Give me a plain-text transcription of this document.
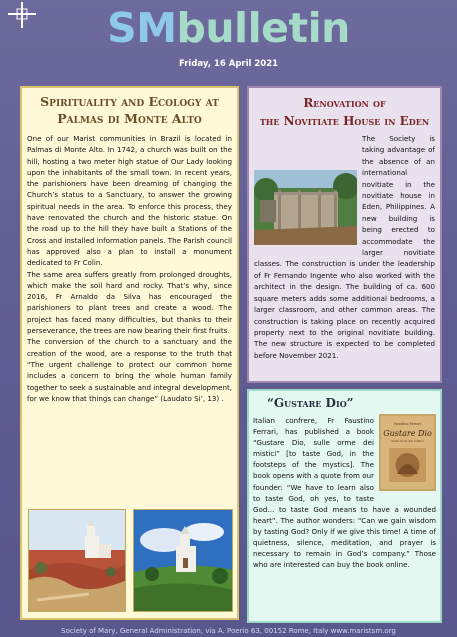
SMbulletin
Friday, 16 April 2021
Spirituality and Ecology at
Palmas di Monte Alto

One of our Marist communities in Brazil is located in Palmas di Monte Alto. In 1742, a church was built on the hill, hosting a two meter high statue of Our Lady looking upon the inhabitants of the small town. In recent years, the parishioners have been dreaming of changing the Church’s status to a Sanctuary, to answer the growing spiritual needs in the area. To enforce this process, they have renovated the church and the historic statue. On the road up to the hill they have built a Stations of the Cross and installed information panels. The Parish council has approved also a plan to install a monument dedicated to Fr Colin.

The same area suffers greatly from prolonged droughts, which make the soil hard and rocky. That’s why, since 2016, Fr Arnaldo da Silva has encouraged the parishioners to plant trees and create a wood. The project has faced many difficulties, but thanks to their perseverance, the trees are now bearing their first fruits.

The conversion of the church to a sanctuary and the creation of the wood, are a response to the truth that “The urgent challenge to protect our common home includes a concern to bring the whole human family together to seek a sustainable and integral development, for we know that things can change” (Laudato Si’, 13) .

Renovation of
the Novitiate House in Eden
The Society is taking advantage of the absence of an international novitiate in the novitiate house in Eden, Philippines. A new building is being erected to accommodate the larger novitiate classes. The construction is under the leadership of Fr Fernando Ingente who also worked with the architect in the design. The building of ca. 600 square meters adds some additional bedrooms, a larger classroom, and other common areas. The construction is taking place on recently acquired property next to the original novitiate building. The new structure is expected to be completed before November 2021.
“Gustare Dio”
Faustino Ferrari
Gustare Dio
Sulle orme dei mistici
Italian confrere, Fr Faustino Ferrari, has published a book “Gustare Dio, sulle orme dei mistici” [to taste God, in the footsteps of the mystics]. The book opens with a quote from our founder: “We have to learn also to taste God, oh yes, to taste God… to taste God means to have a wounded heart”. The author wonders: “Can we gain wisdom by tasting God? Only if we give this time! A time of quietness, silence, meditation, and prayer is necessary to remain in God’s company.” Those who are interested can buy the book online.
Society of Mary, General Administration, via A. Poerio 63, 00152 Rome, Italy www.maristsm.org
